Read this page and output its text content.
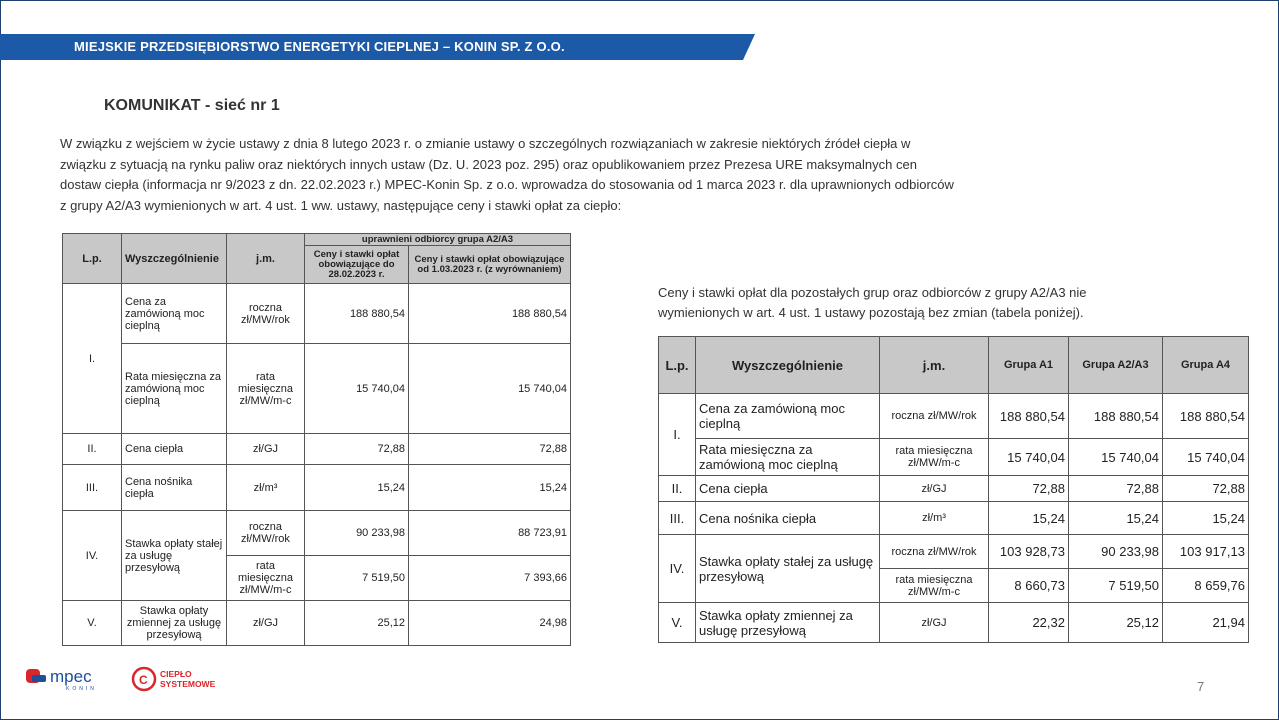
MIEJSKIE PRZEDSIĘBIORSTWO ENERGETYKI CIEPLNEJ – KONIN SP. Z O.O.
KOMUNIKAT - sieć nr 1
W związku z wejściem w życie ustawy z dnia 8 lutego 2023 r. o zmianie ustawy o szczególnych rozwiązaniach w zakresie niektórych źródeł ciepła w związku z sytuacją na rynku paliw oraz niektórych innych ustaw (Dz. U. 2023 poz. 295) oraz opublikowaniem przez Prezesa URE maksymalnych cen dostaw ciepła (informacja nr 9/2023 z dn. 22.02.2023 r.) MPEC-Konin Sp. z o.o. wprowadza do stosowania od 1 marca 2023 r. dla uprawnionych odbiorców z grupy A2/A3 wymienionych w art. 4 ust. 1 ww. ustawy, następujące ceny i stawki opłat za ciepło:
L.p.	Wyszczególnienie	j.m.	uprawnieni odbiorcy grupa A2/A3	
			Ceny i stawki opłat obowiązujące do 28.02.2023 r.	Ceny i stawki opłat obowiązujące od 1.03.2023 r. (z wyrównaniem)
I.	Cena za zamówioną moc cieplną	roczna zł/MW/rok	188 880,54	188 880,54
	Rata miesięczna za zamówioną moc cieplną	rata miesięczna zł/MW/m-c	15 740,04	15 740,04
II.	Cena ciepła	zł/GJ	72,88	72,88
III.	Cena nośnika ciepła	zł/m³	15,24	15,24
IV.	Stawka opłaty stałej za usługę przesyłową	roczna zł/MW/rok	90 233,98	88 723,91
		rata miesięczna zł/MW/m-c	7 519,50	7 393,66
V.	Stawka opłaty zmiennej za usługę przesyłową	zł/GJ	25,12	24,98
Ceny i stawki opłat dla pozostałych grup oraz odbiorców z grupy A2/A3 nie wymienionych w art. 4 ust. 1 ustawy pozostają bez zmian (tabela poniżej).
L.p.	Wyszczególnienie	j.m.	Grupa A1	Grupa A2/A3	Grupa A4
I.	Cena za zamówioną moc cieplną	roczna zł/MW/rok	188 880,54	188 880,54	188 880,54
	Rata miesięczna za zamówioną moc cieplną	rata miesięczna zł/MW/m-c	15 740,04	15 740,04	15 740,04
II.	Cena ciepła	zł/GJ	72,88	72,88	72,88
III.	Cena nośnika ciepła	zł/m³	15,24	15,24	15,24
IV.	Stawka opłaty stałej za usługę przesyłową	roczna zł/MW/rok	103 928,73	90 233,98	103 917,13
		rata miesięczna zł/MW/m-c	8 660,73	7 519,50	8 659,76
V.	Stawka opłaty zmiennej za usługę przesyłową	zł/GJ	22,32	25,12	21,94
mpec
KONIN
C CIEPŁO
SYSTEMOWE	7
